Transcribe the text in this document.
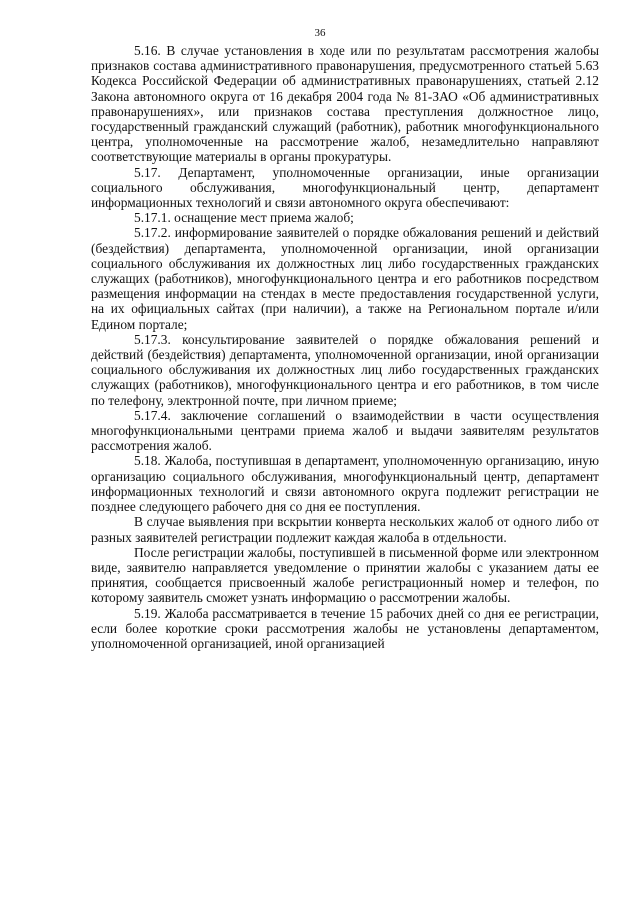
36

5.16. В случае установления в ходе или по результатам рассмотрения жалобы признаков состава административного правонарушения, предусмотренного статьей 5.63 Кодекса Российской Федерации об административных правонарушениях, статьей 2.12 Закона автономного округа от 16 декабря 2004 года № 81-ЗАО «Об административных правонарушениях», или признаков состава преступления должностное лицо, государственный гражданский служащий (работник), работник многофункционального центра, уполномоченные на рассмотрение жалоб, незамедлительно направляют соответствующие материалы в органы прокуратуры.

5.17. Департамент, уполномоченные организации, иные организации социального обслуживания, многофункциональный центр, департамент информационных технологий и связи автономного округа обеспечивают:

5.17.1. оснащение мест приема жалоб;

5.17.2. информирование заявителей о порядке обжалования решений и действий (бездействия) департамента, уполномоченной организации, иной организации социального обслуживания их должностных лиц либо государственных гражданских служащих (работников), многофункционального центра и его работников посредством размещения информации на стендах в месте предоставления государственной услуги, на их официальных сайтах (при наличии), а также на Региональном портале и/или Едином портале;

5.17.3. консультирование заявителей о порядке обжалования решений и действий (бездействия) департамента, уполномоченной организации, иной организации социального обслуживания их должностных лиц либо государственных гражданских служащих (работников), многофункционального центра и его работников, в том числе по телефону, электронной почте, при личном приеме;

5.17.4. заключение соглашений о взаимодействии в части осуществления многофункциональными центрами приема жалоб и выдачи заявителям результатов рассмотрения жалоб.

5.18. Жалоба, поступившая в департамент, уполномоченную организацию, иную организацию социального обслуживания, многофункциональный центр, департамент информационных технологий и связи автономного округа подлежит регистрации не позднее следующего рабочего дня со дня ее поступления.

В случае выявления при вскрытии конверта нескольких жалоб от одного либо от разных заявителей регистрации подлежит каждая жалоба в отдельности.

После регистрации жалобы, поступившей в письменной форме или электронном виде, заявителю направляется уведомление о принятии жалобы с указанием даты ее принятия, сообщается присвоенный жалобе регистрационный номер и телефон, по которому заявитель сможет узнать информацию о рассмотрении жалобы.

5.19. Жалоба рассматривается в течение 15 рабочих дней со дня ее регистрации, если более короткие сроки рассмотрения жалобы не установлены департаментом, уполномоченной организацией, иной организацией
